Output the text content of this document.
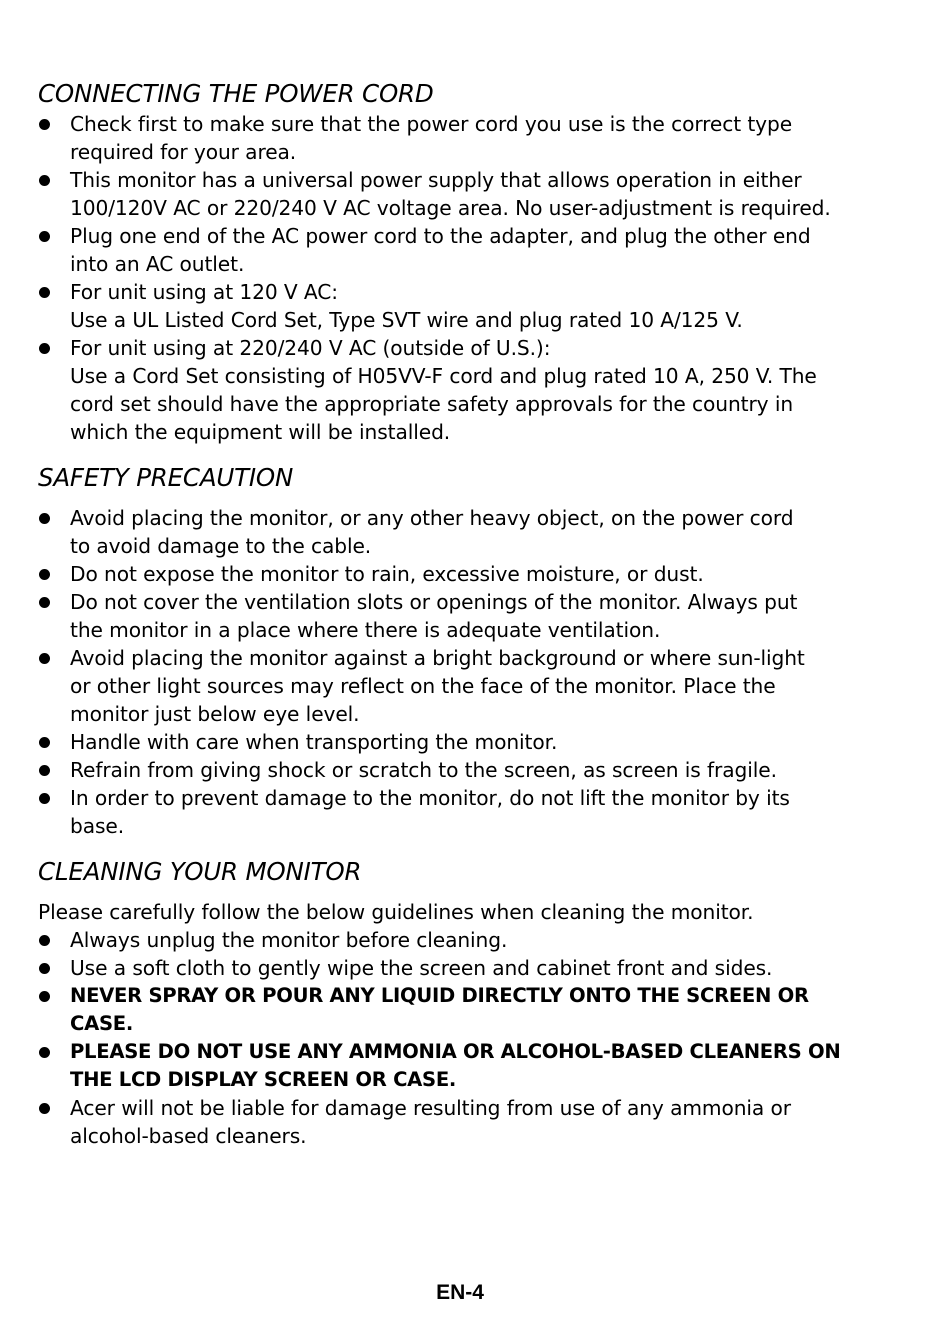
CONNECTING THE POWER CORD
Check first to make sure that the power cord you use is the correct type
required for your area.
This monitor has a universal power supply that allows operation in either
100/120V AC or 220/240 V AC voltage area. No user-adjustment is required.
Plug one end of the AC power cord to the adapter, and plug the other end
into an AC outlet.
For unit using at 120 V AC:
Use a UL Listed Cord Set, Type SVT wire and plug rated 10 A/125 V.
For unit using at 220/240 V AC (outside of U.S.):
Use a Cord Set consisting of H05VV-F cord and plug rated 10 A, 250 V. The
cord set should have the appropriate safety approvals for the country in
which the equipment will be installed.
SAFETY PRECAUTION
Avoid placing the monitor, or any other heavy object, on the power cord
to avoid damage to the cable.
Do not expose the monitor to rain, excessive moisture, or dust.
Do not cover the ventilation slots or openings of the monitor. Always put
the monitor in a place where there is adequate ventilation.
Avoid placing the monitor against a bright background or where sun-light
or other light sources may reflect on the face of the monitor. Place the
monitor just below eye level.
Handle with care when transporting the monitor.
Refrain from giving shock or scratch to the screen, as screen is fragile.
In order to prevent damage to the monitor, do not lift the monitor by its
base.
CLEANING YOUR MONITOR

Please carefully follow the below guidelines when cleaning the monitor.

Always unplug the monitor before cleaning.
Use a soft cloth to gently wipe the screen and cabinet front and sides.
NEVER SPRAY OR POUR ANY LIQUID DIRECTLY ONTO THE SCREEN OR
CASE.
PLEASE DO NOT USE ANY AMMONIA OR ALCOHOL-BASED CLEANERS ON
THE LCD DISPLAY SCREEN OR CASE.
Acer will not be liable for damage resulting from use of any ammonia or
alcohol-based cleaners.
EN-4
